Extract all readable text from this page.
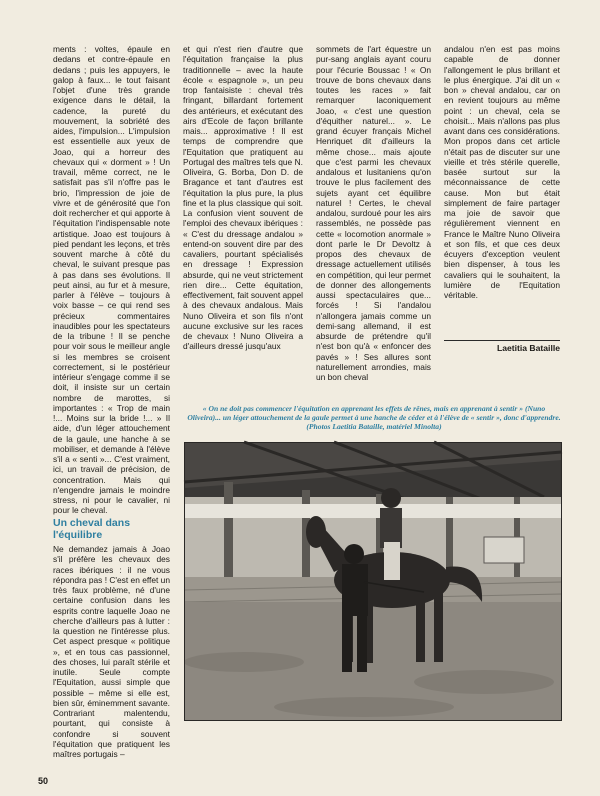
ments : voltes, épaule en dedans et contre-épaule en dedans ; puis les appuyers, le galop à faux... le tout faisant l'objet d'une très grande exigence dans le détail, la cadence, la pureté du mouvement, la sobriété des aides, l'impulsion... L'impulsion est essentielle aux yeux de Joao, qui a horreur des chevaux qui « dorment » ! Un travail, même correct, ne le satisfait pas s'il n'offre pas le brio, l'impression de joie de vivre et de générosité que l'on doit rechercher et qui apporte à l'équitation l'indispensable note artistique. Joao est toujours à pied pendant les leçons, et très souvent marche à côté du cheval, le suivant presque pas à pas dans ses évolutions. Il peut ainsi, au fur et à mesure, parler à l'élève – toujours à voix basse – ce qui rend ses précieux commentaires inaudibles pour les spectateurs de la tribune ! Il se penche pour voir sous le meilleur angle si les membres se croisent correctement, si le postérieur intérieur s'engage comme il se doit, il insiste sur un certain nombre de marottes, si importantes : « Trop de main !... Moins sur la bride !... » Il aide, d'un léger attouchement de la gaule, une hanche à se mobiliser, et demande à l'élève s'il a « senti »... C'est vraiment, ici, un travail de précision, de concentration. Mais qui n'engendre jamais le moindre stress, ni pour le cavalier, ni pour le cheval.

Un cheval dans l'équilibre

Ne demandez jamais à Joao s'il préfère les chevaux des races ibériques : il ne vous répondra pas ! C'est en effet un très faux problème, né d'une certaine confusion dans les esprits contre laquelle Joao ne cherche d'ailleurs pas à lutter : la question ne l'intéresse plus. Cet aspect presque « politique », et en tous cas passionnel, des choses, lui paraît stérile et inutile. Seule compte l'Equitation, aussi simple que possible – même si elle est, bien sûr, éminemment savante. Contrariant malentendu, pourtant, qui consiste à confondre si souvent l'équitation que pratiquent les maîtres portugais –

et qui n'est rien d'autre que l'équitation française la plus traditionnelle – avec la haute école « espagnole », un peu trop fantaisiste : cheval très fringant, billardant fortement des antérieurs, et exécutant des airs d'Ecole de façon brillante mais... approximative ! Il est temps de comprendre que l'Equitation que pratiquent au Portugal des maîtres tels que N. Oliveira, G. Borba, Don D. de Bragance et tant d'autres est l'équitation la plus pure, la plus fine et la plus classique qui soit. La confusion vient souvent de l'emploi des chevaux ibériques : « C'est du dressage andalou » entend-on souvent dire par des cavaliers, pourtant spécialisés en dressage ! Expression absurde, qui ne veut strictement rien dire... Cette équitation, effectivement, fait souvent appel à des chevaux andalous. Mais Nuno Oliveira et son fils n'ont aucune exclusive sur les races de chevaux ! Nuno Oliveira a d'ailleurs dressé jusqu'aux

sommets de l'art équestre un pur-sang anglais ayant couru pour l'écurie Boussac ! « On trouve de bons chevaux dans toutes les races » fait remarquer laconiquement Joao, « c'est une question d'équither naturel... ». Le grand écuyer français Michel Henriquet dit d'ailleurs la même chose... mais ajoute que c'est parmi les chevaux andalous et lusitaniens qu'on trouve le plus facilement des sujets ayant cet équilibre naturel ! Certes, le cheval andalou, surdoué pour les airs rassemblés, ne possède pas cette « locomotion anormale » dont parle le Dr Devoltz à propos des chevaux de dressage actuellement utilisés en compétition, qui leur permet de donner des allongements aussi spectaculaires que... forcés ! Si l'andalou n'allongera jamais comme un demi-sang allemand, il est absurde de prétendre qu'il n'est bon qu'à « enfoncer des pavés » ! Ses allures sont naturellement arrondies, mais un bon cheval

andalou n'en est pas moins capable de donner l'allongement le plus brillant et le plus énergique. J'ai dit un « bon » cheval andalou, car on en revient toujours au même point : un cheval, cela se choisit... Mais n'allons pas plus avant dans ces considérations. Mon propos dans cet article n'était pas de discuter sur une vieille et très stérile querelle, basée surtout sur la méconnaissance de cette cause. Mon but était simplement de faire partager ma joie de savoir que régulièrement viennent en France le Maître Nuno Oliveira et son fils, et que ces deux écuyers d'exception veulent bien dispenser, à tous les cavaliers qui le souhaitent, la lumière de l'Equitation véritable.

Laetitia Bataille
« On ne doit pas commencer l'équitation en apprenant les effets de rênes, mais en apprenant à sentir » (Nuno Oliveira)... un léger attouchement de la gaule permet à une hanche de céder et à l'élève de « sentir », donc d'apprendre. (Photos Laetitia Bataille, matériel Minolta)
50
